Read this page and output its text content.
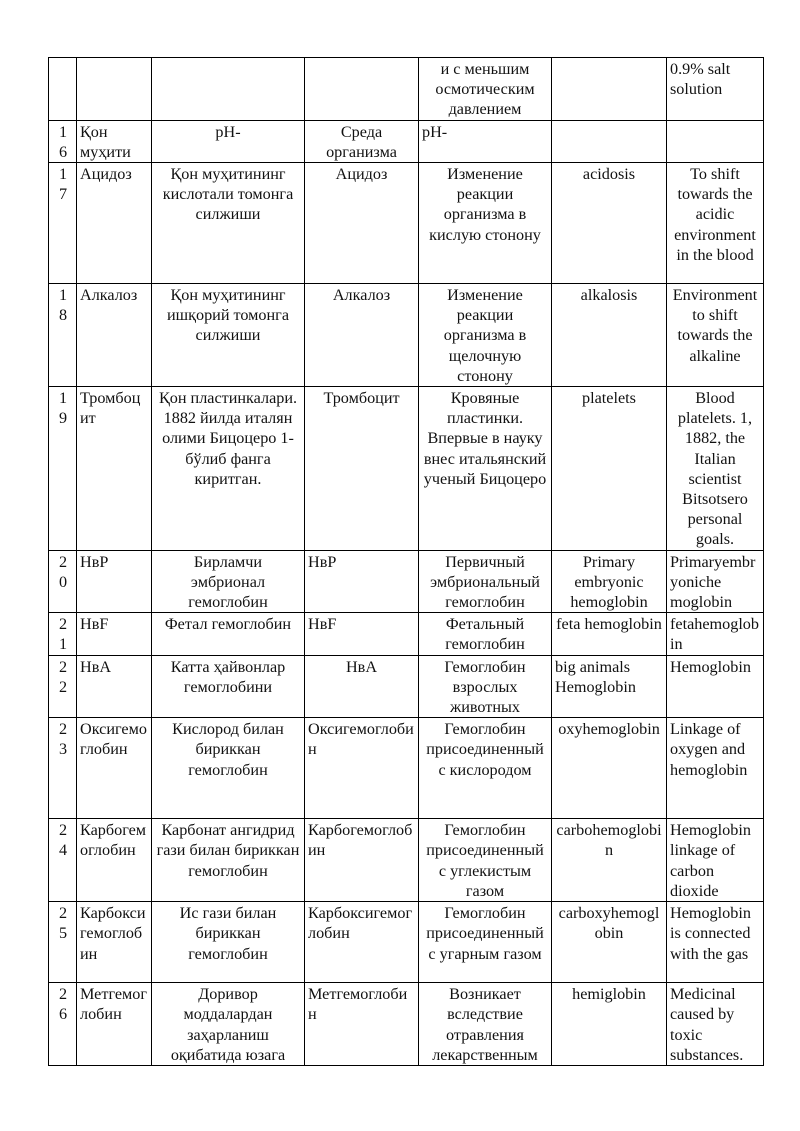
				и с меньшим осмотическим давлением		0.9% salt solution
16	Қон муҳити	pH-	Среда организма	pH-		
17	Ацидоз	Қон муҳитининг кислотали томонга силжиши	Ацидоз	Изменение реакции организма в кислую стонону	acidosis	To shift towards the acidic environment in the blood
18	Алкалоз	Қон муҳитининг ишқорий томонга силжиши	Алкалоз	Изменение реакции организма в щелочную стонону	alkalosis	Environment to shift towards the alkaline
19	Тромбоцит	Қон пластинкалари. 1882 йилда италян олими Бицоцеро 1-бўлиб фанга киритган.	Тромбоцит	Кровяные пластинки. Впервые в науку внес итальянский ученый Бицоцеро	platelets	Blood platelets. 1, 1882, the Italian scientist Bitsotsero personal goals.
20	НвР	Бирламчи эмбрионал гемоглобин	НвР	Первичный эмбриональный гемоглобин	Primary embryonic hemoglobin	Primaryembryoniche moglobin
21	НвF	Фетал гемоглобин	НвF	Фетальный гемоглобин	feta hemoglobin	fetahemoglobin
22	НвА	Катта ҳайвонлар гемоглобини	НвА	Гемоглобин взрослых животных	big animals Hemoglobin	Hemoglobin
23	Оксигемоглобин	Кислород билан бириккан гемоглобин	Оксигемоглобин	Гемоглобин присоединенный с кислородом	oxyhemoglobin	Linkage of oxygen and hemoglobin
24	Карбогемоглобин	Карбонат ангидрид гази билан бириккан гемоглобин	Карбогемоглобин	Гемоглобин присоединенный с углекистым газом	carbohemoglobin	Hemoglobin linkage of carbon dioxide
25	Карбоксигемоглобин	Ис гази билан бириккан гемоглобин	Карбоксигемоглобин	Гемоглобин присоединенный с угарным газом	carboxyhemoglobin	Hemoglobin is connected with the gas
26	Метгемоглобин	Доривор моддалардан заҳарланиш оқибатида юзага	Метгемоглобин	Возникает вследствие отравления лекарственным	hemiglobin	Medicinal caused by toxic substances.
